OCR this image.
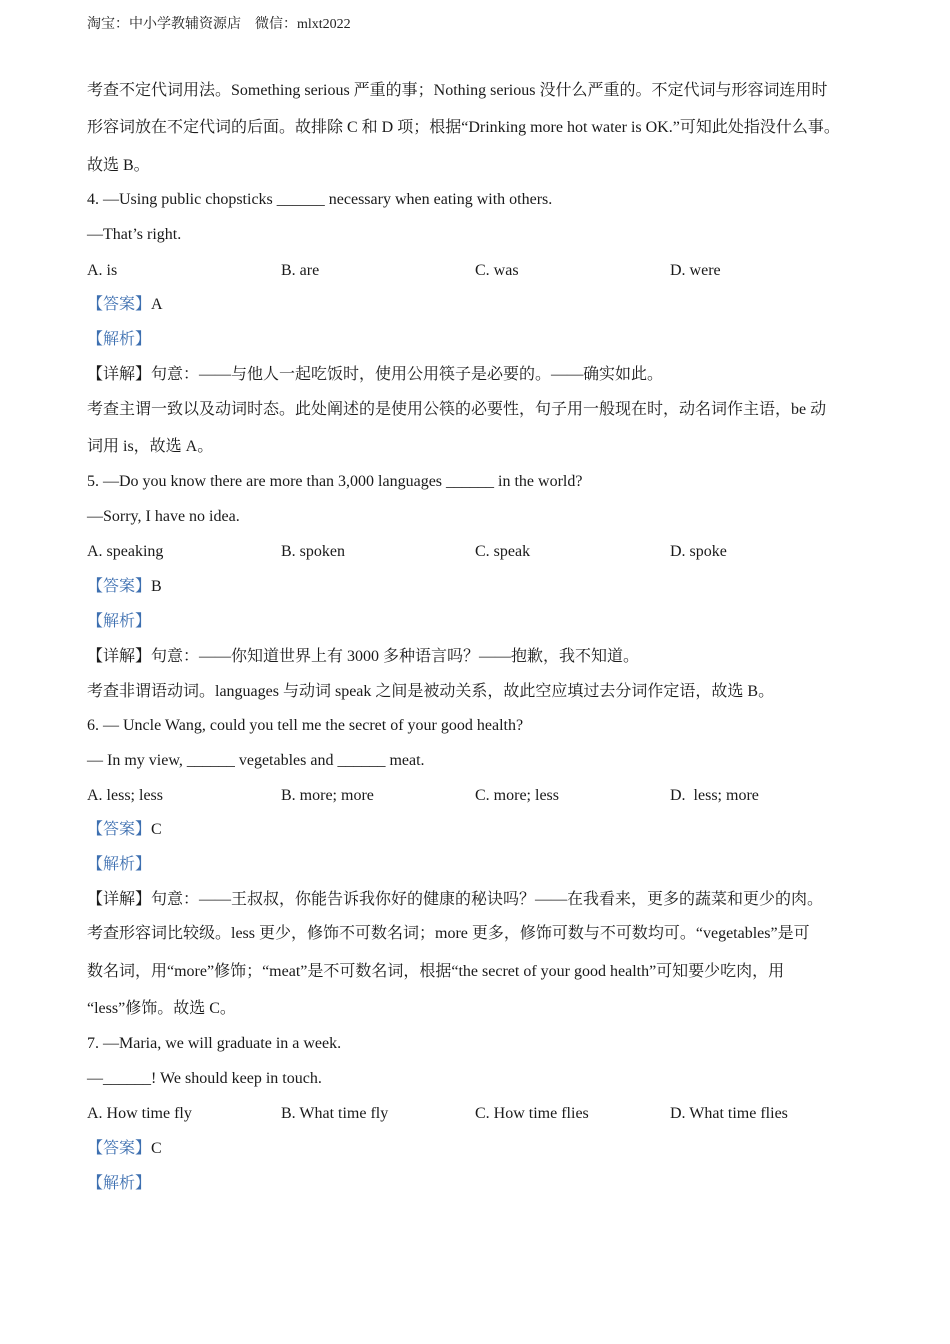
淘宝：中小学教辅资源店    微信：mlxt2022
考查不定代词用法。Something serious 严重的事；Nothing serious 没什么严重的。不定代词与形容词连用时
形容词放在不定代词的后面。故排除 C 和 D 项；根据“Drinking more hot water is OK.”可知此处指没什么事。
故选 B。
4. —Using public chopsticks ______ necessary when eating with others.
—That’s right.
A. is	B. are	C. was	D. were
【答案】A
【解析】
【详解】句意：——与他人一起吃饭时，使用公用筷子是必要的。——确实如此。
考查主谓一致以及动词时态。此处阐述的是使用公筷的必要性，句子用一般现在时，动名词作主语，be 动
词用 is，故选 A。
5. —Do you know there are more than 3,000 languages ______ in the world?
—Sorry, I have no idea.
A. speaking	B. spoken	C. speak	D. spoke
【答案】B
【解析】
【详解】句意：——你知道世界上有 3000 多种语言吗？——抱歉，我不知道。
考查非谓语动词。languages 与动词 speak 之间是被动关系，故此空应填过去分词作定语，故选 B。
6. — Uncle Wang, could you tell me the secret of your good health?
— In my view, ______ vegetables and ______ meat.
A. less; less	B. more; more	C. more; less	D.  less; more
【答案】C
【解析】
【详解】句意：——王叔叔，你能告诉我你好的健康的秘诀吗？——在我看来，更多的蔬菜和更少的肉。
考查形容词比较级。less 更少，修饰不可数名词；more 更多，修饰可数与不可数均可。“vegetables”是可
数名词，用“more”修饰；“meat”是不可数名词，根据“the secret of your good health”可知要少吃肉，用
“less”修饰。故选 C。
7. —Maria, we will graduate in a week.
—______! We should keep in touch.
A. How time fly	B. What time fly	C. How time flies	D. What time flies
【答案】C
【解析】
